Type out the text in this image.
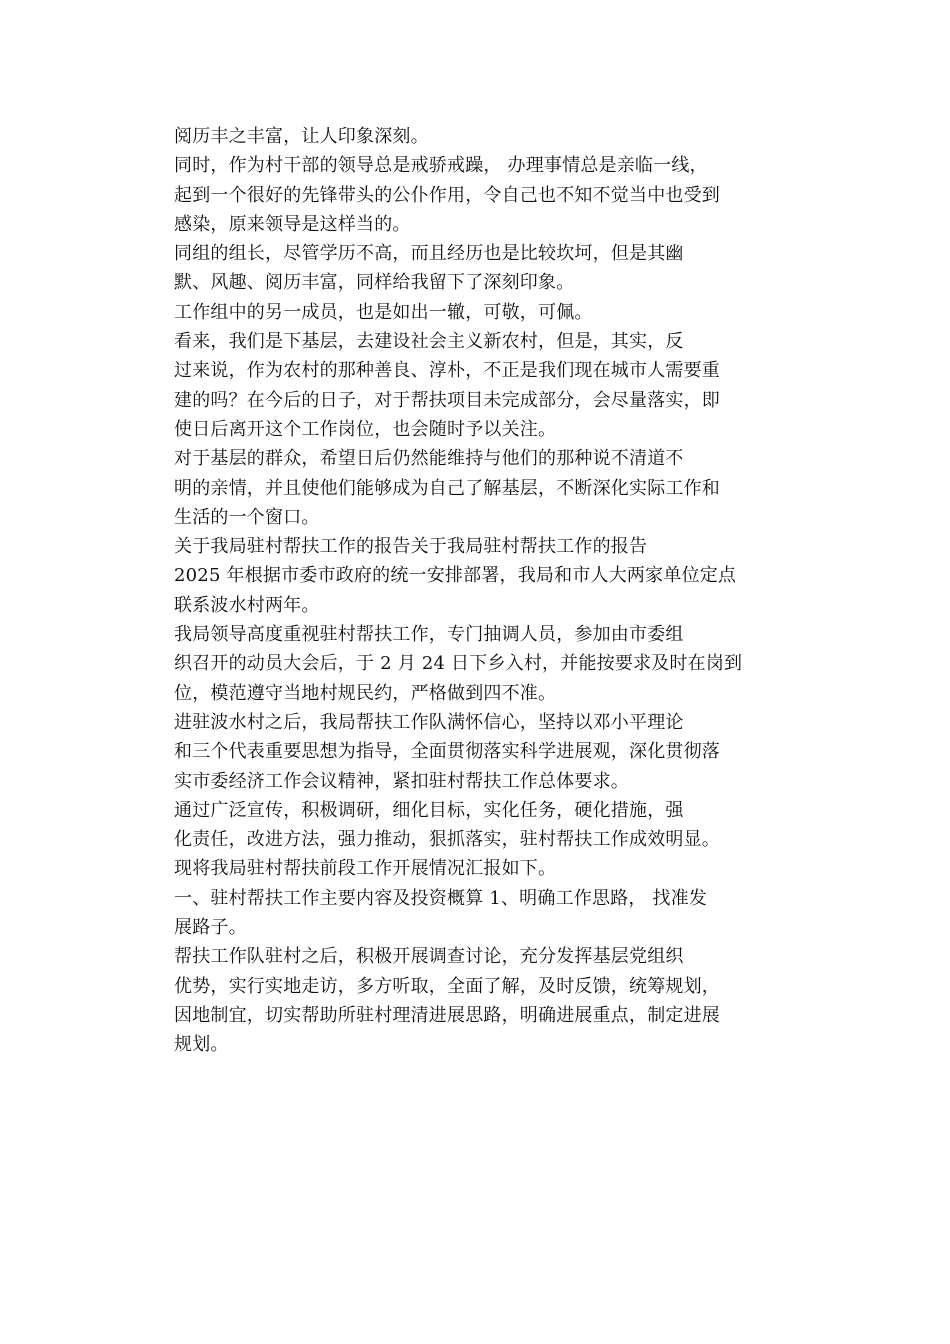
阅历丰之丰富，让人印象深刻。
同时，作为村干部的领导总是戒骄戒躁， 办理事情总是亲临一线，
起到一个很好的先锋带头的公仆作用，令自己也不知不觉当中也受到
感染，原来领导是这样当的。
同组的组长，尽管学历不高，而且经历也是比较坎坷，但是其幽
默、风趣、阅历丰富，同样给我留下了深刻印象。
工作组中的另一成员，也是如出一辙，可敬，可佩。
看来，我们是下基层，去建设社会主义新农村，但是，其实，反
过来说，作为农村的那种善良、淳朴，不正是我们现在城市人需要重
建的吗？在今后的日子，对于帮扶项目未完成部分，会尽量落实，即
使日后离开这个工作岗位，也会随时予以关注。
对于基层的群众，希望日后仍然能维持与他们的那种说不清道不
明的亲情，并且使他们能够成为自己了解基层，不断深化实际工作和
生活的一个窗口。
关于我局驻村帮扶工作的报告关于我局驻村帮扶工作的报告
2025 年根据市委市政府的统一安排部署，我局和市人大两家单位定点
联系波水村两年。
我局领导高度重视驻村帮扶工作，专门抽调人员，参加由市委组
织召开的动员大会后，于 2 月 24 日下乡入村，并能按要求及时在岗到
位，模范遵守当地村规民约，严格做到四不准。
进驻波水村之后，我局帮扶工作队满怀信心，坚持以邓小平理论
和三个代表重要思想为指导，全面贯彻落实科学进展观，深化贯彻落
实市委经济工作会议精神，紧扣驻村帮扶工作总体要求。
通过广泛宣传，积极调研，细化目标，实化任务，硬化措施，强
化责任，改进方法，强力推动，狠抓落实，驻村帮扶工作成效明显。
现将我局驻村帮扶前段工作开展情况汇报如下。
一、驻村帮扶工作主要内容及投资概算 1、明确工作思路， 找准发
展路子。
帮扶工作队驻村之后，积极开展调查讨论，充分发挥基层党组织
优势，实行实地走访，多方听取，全面了解，及时反馈，统筹规划，
因地制宜，切实帮助所驻村理清进展思路，明确进展重点，制定进展
规划。
